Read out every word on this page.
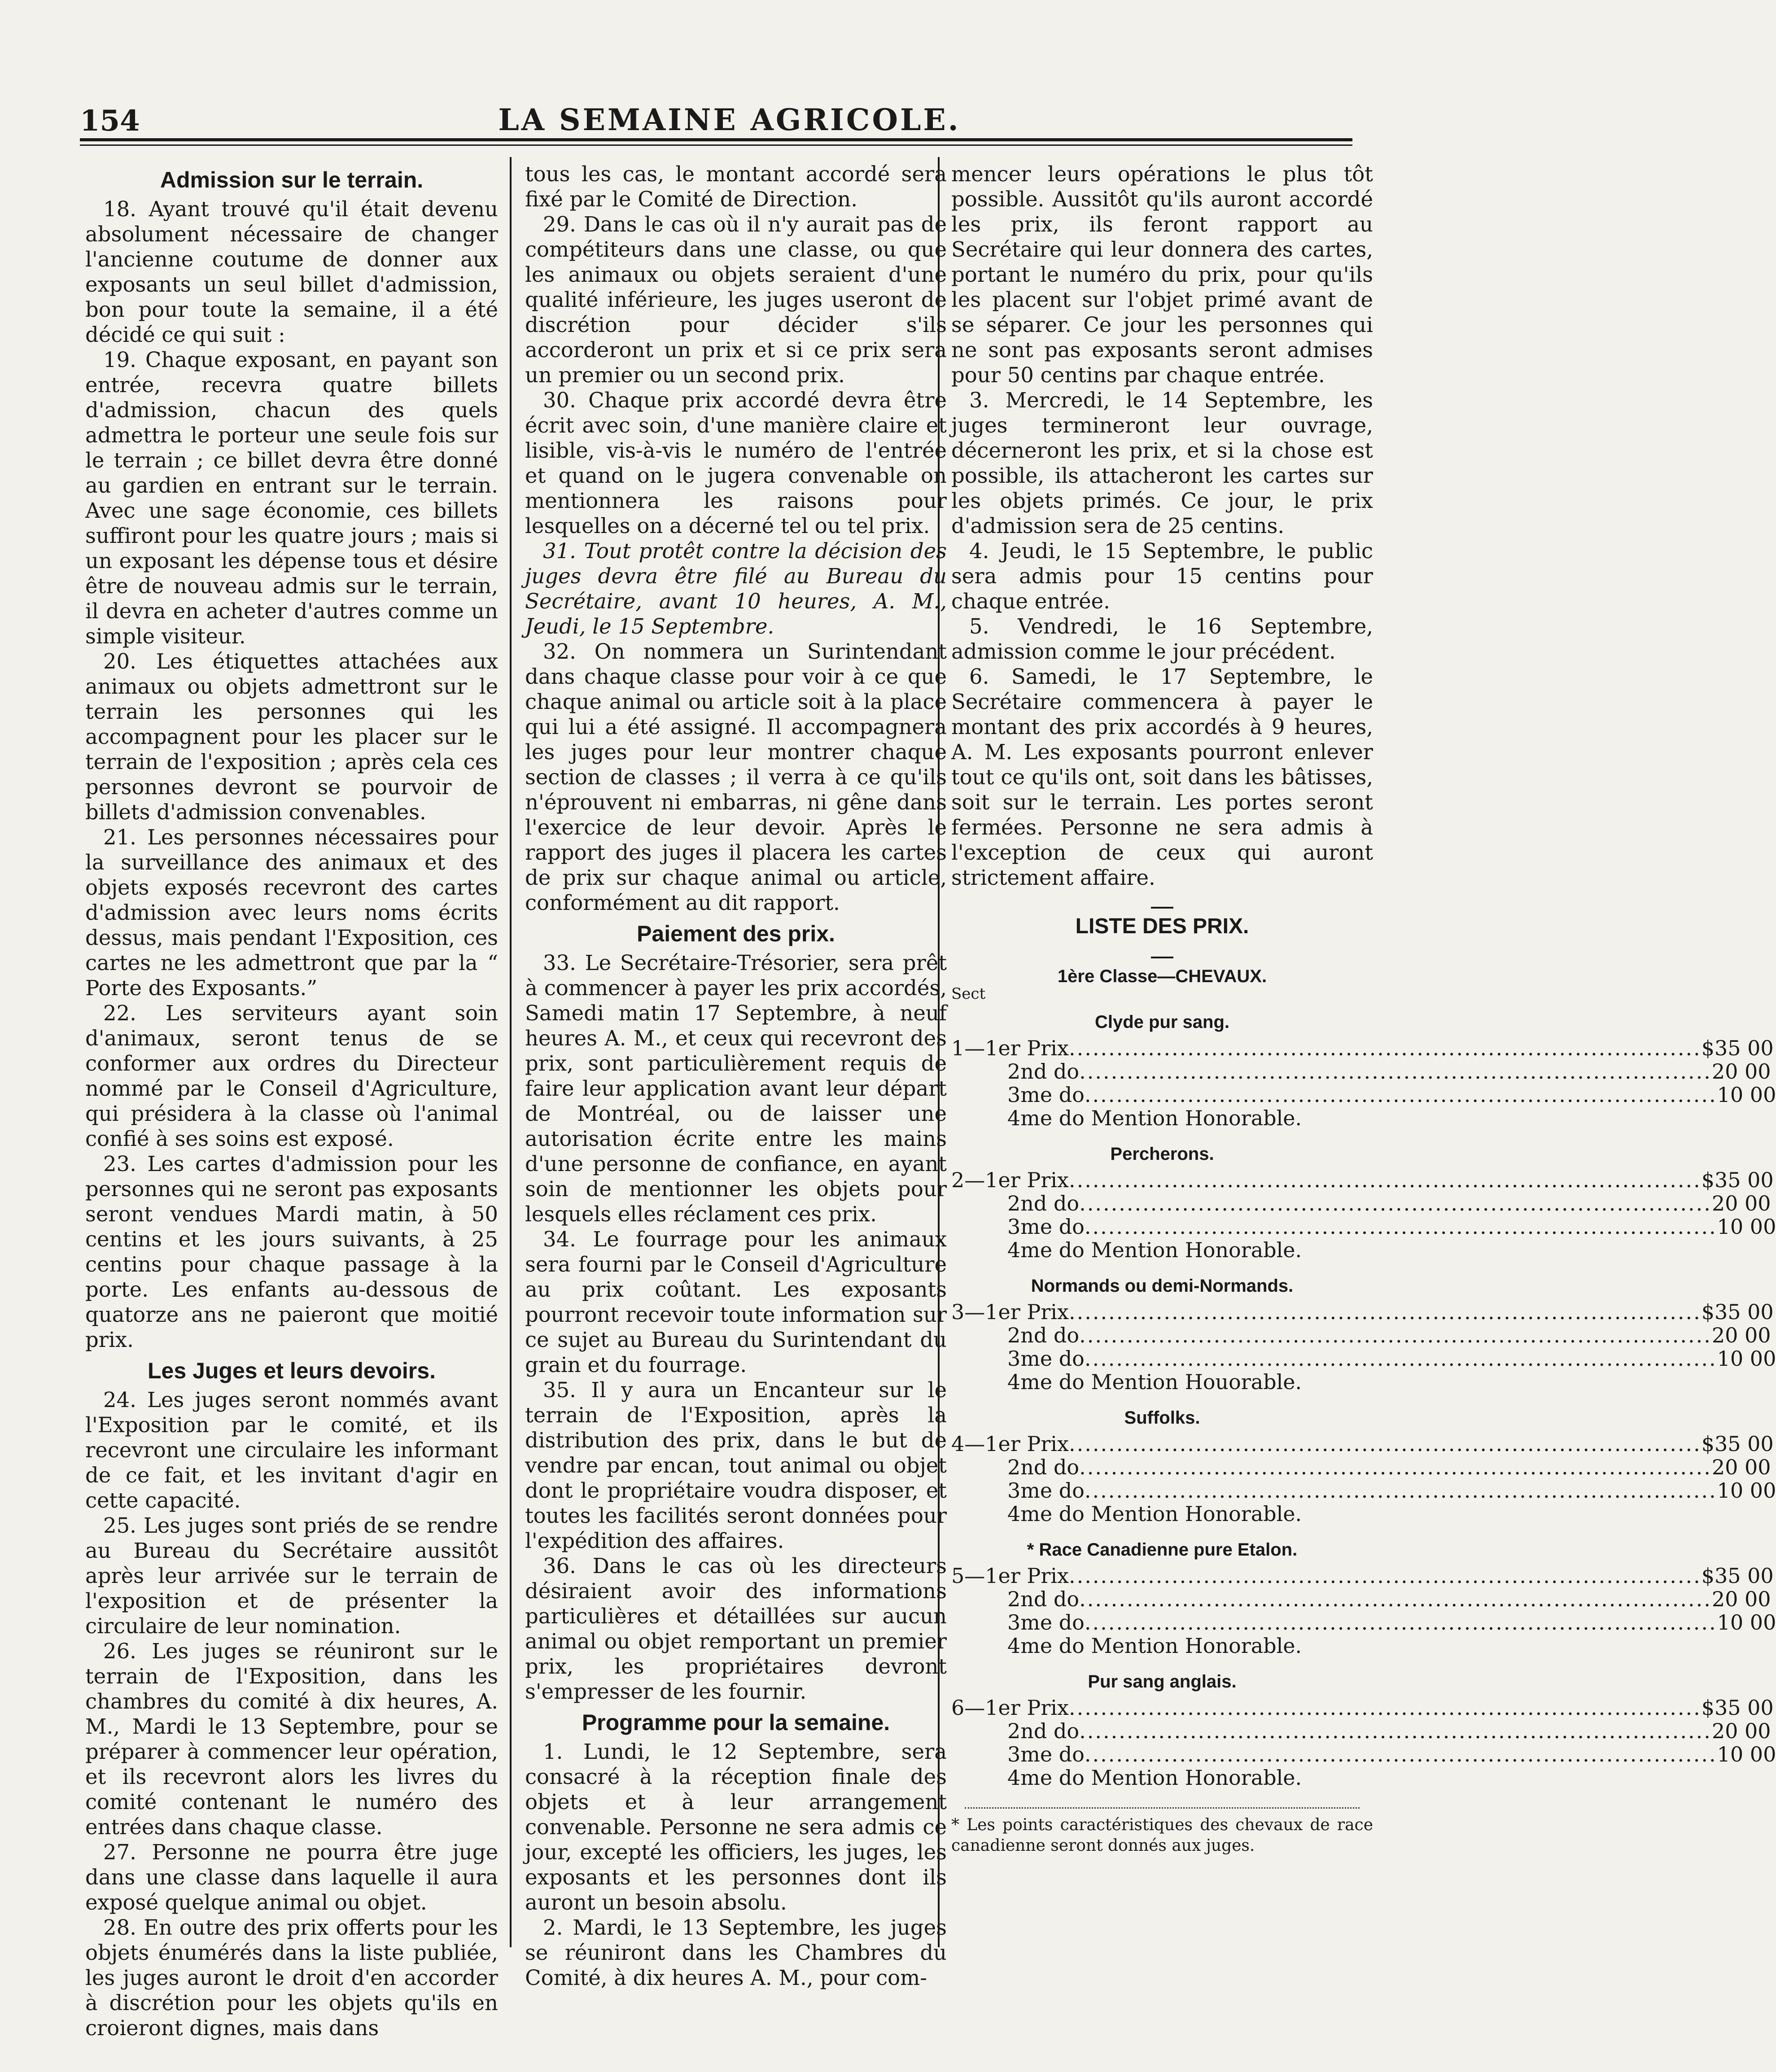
154	LA SEMAINE AGRICOLE.
Admission sur le terrain.

18. Ayant trouvé qu'il était devenu absolument nécessaire de changer l'ancienne coutume de donner aux exposants un seul billet d'admission, bon pour toute la semaine, il a été décidé ce qui suit :

19. Chaque exposant, en payant son entrée, recevra quatre billets d'admission, chacun des quels admettra le porteur une seule fois sur le terrain ; ce billet devra être donné au gardien en entrant sur le terrain. Avec une sage économie, ces billets suffiront pour les quatre jours ; mais si un exposant les dépense tous et désire être de nouveau admis sur le terrain, il devra en acheter d'autres comme un simple visiteur.

20. Les étiquettes attachées aux animaux ou objets admettront sur le terrain les personnes qui les accompagnent pour les placer sur le terrain de l'exposition ; après cela ces personnes devront se pourvoir de billets d'admission convenables.

21. Les personnes nécessaires pour la surveillance des animaux et des objets exposés recevront des cartes d'admission avec leurs noms écrits dessus, mais pendant l'Exposition, ces cartes ne les admettront que par la “ Porte des Exposants.”

22. Les serviteurs ayant soin d'animaux, seront tenus de se conformer aux ordres du Directeur nommé par le Conseil d'Agriculture, qui présidera à la classe où l'animal confié à ses soins est exposé.

23. Les cartes d'admission pour les personnes qui ne seront pas exposants seront vendues Mardi matin, à 50 centins et les jours suivants, à 25 centins pour chaque passage à la porte. Les enfants au-dessous de quatorze ans ne paieront que moitié prix.

Les Juges et leurs devoirs.

24. Les juges seront nommés avant l'Exposition par le comité, et ils recevront une circulaire les informant de ce fait, et les invitant d'agir en cette capacité.

25. Les juges sont priés de se rendre au Bureau du Secrétaire aussitôt après leur arrivée sur le terrain de l'exposition et de présenter la circulaire de leur nomination.

26. Les juges se réuniront sur le terrain de l'Exposition, dans les chambres du comité à dix heures, A. M., Mardi le 13 Septembre, pour se préparer à commencer leur opération, et ils recevront alors les livres du comité contenant le numéro des entrées dans chaque classe.

27. Personne ne pourra être juge dans une classe dans laquelle il aura exposé quelque animal ou objet.

28. En outre des prix offerts pour les objets énumérés dans la liste publiée, les juges auront le droit d'en accorder à discrétion pour les objets qu'ils en croieront dignes, mais dans

tous les cas, le montant accordé sera fixé par le Comité de Direction.

29. Dans le cas où il n'y aurait pas de compétiteurs dans une classe, ou que les animaux ou objets seraient d'une qualité inférieure, les juges useront de discrétion pour décider s'ils accorderont un prix et si ce prix sera un premier ou un second prix.

30. Chaque prix accordé devra être écrit avec soin, d'une manière claire et lisible, vis-à-vis le numéro de l'entrée et quand on le jugera convenable on mentionnera les raisons pour lesquelles on a décerné tel ou tel prix.

31. Tout protêt contre la décision des juges devra être filé au Bureau du Secrétaire, avant 10 heures, A. M., Jeudi, le 15 Septembre.

32. On nommera un Surintendant dans chaque classe pour voir à ce que chaque animal ou article soit à la place qui lui a été assigné. Il accompagnera les juges pour leur montrer chaque section de classes ; il verra à ce qu'ils n'éprouvent ni embarras, ni gêne dans l'exercice de leur devoir. Après le rapport des juges il placera les cartes de prix sur chaque animal ou article, conformément au dit rapport.

Paiement des prix.

33. Le Secrétaire-Trésorier, sera prêt à commencer à payer les prix accordés, Samedi matin 17 Septembre, à neuf heures A. M., et ceux qui recevront des prix, sont particulièrement requis de faire leur application avant leur départ de Montréal, ou de laisser une autorisation écrite entre les mains d'une personne de confiance, en ayant soin de mentionner les objets pour lesquels elles réclament ces prix.

34. Le fourrage pour les animaux sera fourni par le Conseil d'Agriculture au prix coûtant. Les exposants pourront recevoir toute information sur ce sujet au Bureau du Surintendant du grain et du fourrage.

35. Il y aura un Encanteur sur le terrain de l'Exposition, après la distribution des prix, dans le but de vendre par encan, tout animal ou objet dont le propriétaire voudra disposer, et toutes les facilités seront données pour l'expédition des affaires.

36. Dans le cas où les directeurs désiraient avoir des informations particulières et détaillées sur aucun animal ou objet remportant un premier prix, les propriétaires devront s'empresser de les fournir.

Programme pour la semaine.

1. Lundi, le 12 Septembre, sera consacré à la réception finale des objets et à leur arrangement convenable. Personne ne sera admis ce jour, excepté les officiers, les juges, les exposants et les personnes dont ils auront un besoin absolu.

2. Mardi, le 13 Septembre, les juges se réuniront dans les Chambres du Comité, à dix heures A. M., pour com-

mencer leurs opérations le plus tôt possible. Aussitôt qu'ils auront accordé les prix, ils feront rapport au Secrétaire qui leur donnera des cartes, portant le numéro du prix, pour qu'ils les placent sur l'objet primé avant de se séparer. Ce jour les personnes qui ne sont pas exposants seront admises pour 50 centins par chaque entrée.

3. Mercredi, le 14 Septembre, les juges termineront leur ouvrage, décerneront les prix, et si la chose est possible, ils attacheront les cartes sur les objets primés. Ce jour, le prix d'admission sera de 25 centins.

4. Jeudi, le 15 Septembre, le public sera admis pour 15 centins pour chaque entrée.

5. Vendredi, le 16 Septembre, admission comme le jour précédent.

6. Samedi, le 17 Septembre, le Secrétaire commencera à payer le montant des prix accordés à 9 heures, A. M. Les exposants pourront enlever tout ce qu'ils ont, soit dans les bâtisses, soit sur le terrain. Les portes seront fermées. Personne ne sera admis à l'exception de ceux qui auront strictement affaire.

LISTE DES PRIX.
1ère Classe—CHEVAUX.
Sect
Clyde pur sang.
1—1er Prix ................................................................................ $35 00
2nd do ................................................................................ 20 00
3me do ................................................................................ 10 00
4me do Mention Honorable.
Percherons.
2—1er Prix ................................................................................ $35 00
2nd do ................................................................................ 20 00
3me do ................................................................................ 10 00
4me do Mention Honorable.
Normands ou demi-Normands.
3—1er Prix ................................................................................ $35 00
2nd do ................................................................................ 20 00
3me do ................................................................................ 10 00
4me do Mention Houorable.
Suffolks.
4—1er Prix ................................................................................ $35 00
2nd do ................................................................................ 20 00
3me do ................................................................................ 10 00
4me do Mention Honorable.
* Race Canadienne pure Etalon.
5—1er Prix ................................................................................ $35 00
2nd do ................................................................................ 20 00
3me do ................................................................................ 10 00
4me do Mention Honorable.
Pur sang anglais.
6—1er Prix ................................................................................ $35 00
2nd do ................................................................................ 20 00
3me do ................................................................................ 10 00
4me do Mention Honorable.
* Les points caractéristiques des chevaux de race canadienne seront donnés aux juges.
